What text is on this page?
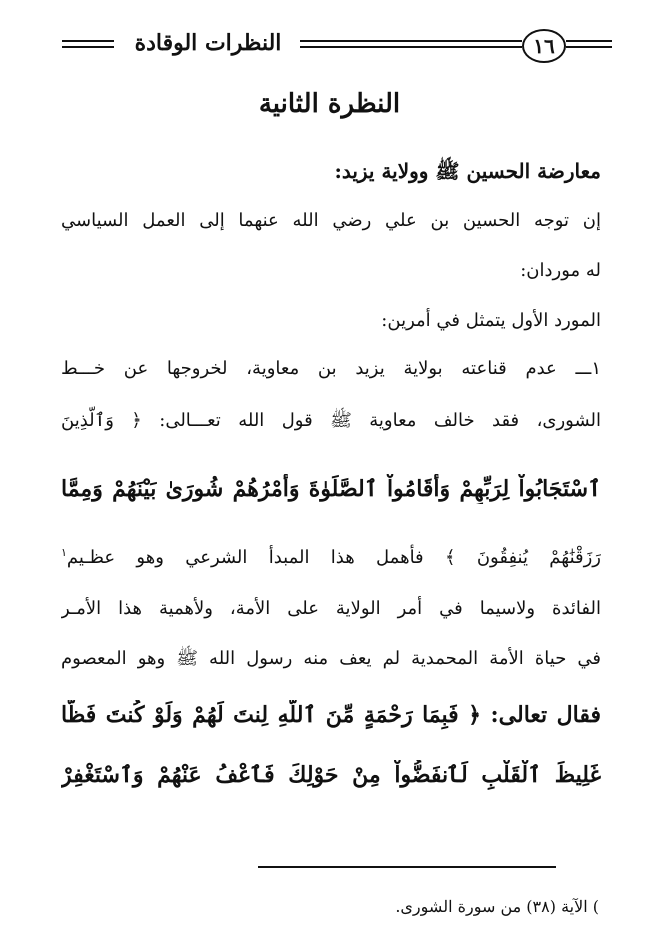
النظرات الوقادة	١٦
النظرة الثانية
معارضة الحسين ﷺ وولاية يزيد:
إن توجه الحسين بن علي رضي الله عنهما إلى العمل السياسي
له موردان:
المورد الأول يتمثل في أمرين:
١ـــ عدم قناعته بولاية يزيد بن معاوية، لخروجها عن خـــط
الشورى، فقد خالف معاوية ﷺ قول الله تعـــالى: ﴿ وَٱلَّذِينَ
ٱسْتَجَابُواْ لِرَبِّهِمْ وَأَقَامُواْ ٱلصَّلَوٰةَ وَأَمْرُهُمْ شُورَىٰ بَيْنَهُمْ وَمِمَّا
رَزَقْنَٰهُمْ يُنفِقُونَ ﴾ فأهمل هذا المبدأ الشرعي وهو عظـيم$^١$
الفائدة ولاسيما في أمر الولاية على الأمة، ولأهمية هذا الأمـر
في حياة الأمة المحمدية لم يعف منه رسول الله ﷺ وهو المعصوم
فقال تعالى: ﴿ فَبِمَا رَحْمَةٍ مِّنَ ٱللَّهِ لِنتَ لَهُمْ وَلَوْ كُنتَ فَظًّا
غَلِيظَ ٱلْقَلْبِ لَٱنفَضُّواْ مِنْ حَوْلِكَ فَٱعْفُ عَنْهُمْ وَٱسْتَغْفِرْ
) الآية (٣٨) من سورة الشورى.
